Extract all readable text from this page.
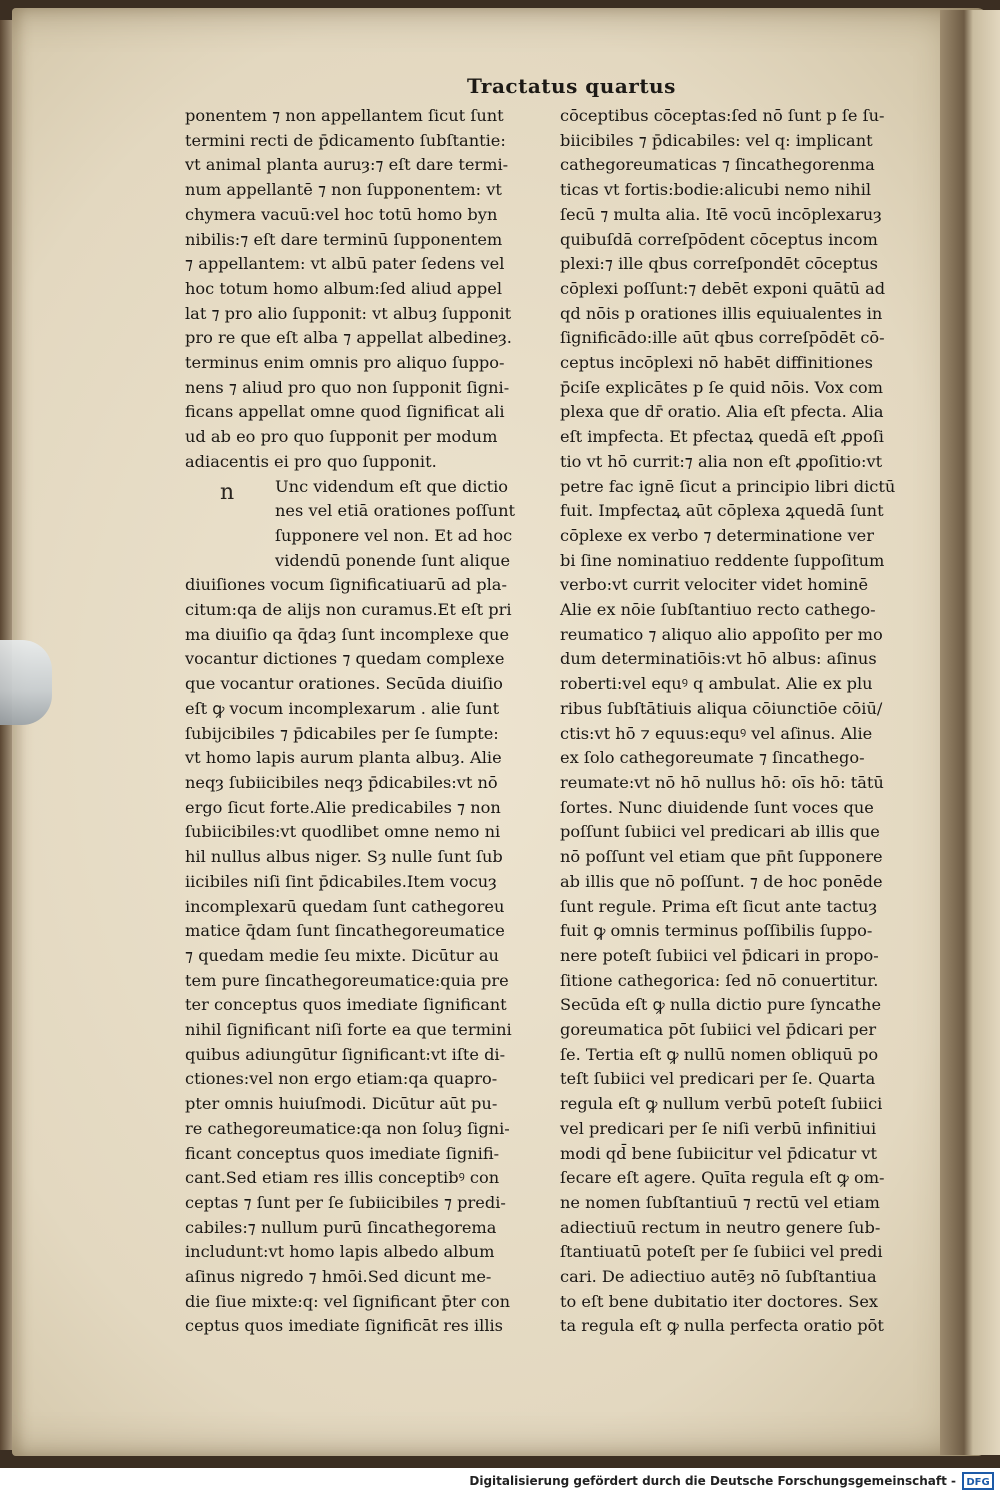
Tractatus quartus
n
ponentem ⁊ non appellantem ſicut ſunt
termini recti de p̄dicamento ſubſtantie:
vt animal planta auruȝ:⁊ eſt dare termi-
num appellantē ⁊ non ſupponentem: vt
chymera vacuū:vel hoc totū homo byn
nibilis:⁊ eſt dare terminū ſupponentem
⁊ appellantem: vt albū pater ſedens vel
hoc totum homo album:ſed aliud appel
lat ⁊ pro alio ſupponit: vt albuȝ ſupponit
pro re que eſt alba ⁊ appellat albedineȝ.
terminus enim omnis pro aliquo ſuppo-
nens ⁊ aliud pro quo non ſupponit ſigni-
ficans appellat omne quod ſignificat ali
ud ab eo pro quo ſupponit per modum
adiacentis ei pro quo ſupponit.
Unc videndum eſt que dictio
nes vel etiā orationes poſſunt
ſupponere vel non. Et ad hoc
videndū ponende ſunt alique
diuiſiones vocum ſignificatiuarū ad pla-
citum:qa de alijs non curamus.Et eſt pri
ma diuiſio qa q̄daȝ ſunt incomplexe que
vocantur dictiones ⁊ quedam complexe
que vocantur orationes. Secūda diuiſio
eſt ꝙ vocum incomplexarum . alie ſunt
ſubijcibiles ⁊ p̄dicabiles per ſe ſumpte:
vt homo lapis aurum planta albuȝ. Alie
neqȝ ſubiicibiles neqȝ p̄dicabiles:vt nō
ergo ſicut forte.Alie predicabiles ⁊ non
ſubiicibiles:vt quodlibet omne nemo ni
hil nullus albus niger. Sȝ nulle ſunt ſub
iicibiles niſi ſint p̄dicabiles.Item vocuȝ
incomplexarū quedam ſunt cathegoreu
matice q̄dam ſunt ſincathegoreumatice
⁊ quedam medie ſeu mixte. Dicūtur au
tem pure ſincathegoreumatice:quia pre
ter conceptus quos imediate ſignificant
nihil ſignificant niſi forte ea que termini
quibus adiungūtur ſignificant:vt iſte di-
ctiones:vel non ergo etiam:qa quapro-
pter omnis huiuſmodi. Dicūtur aūt pu-
re cathegoreumatice:qa non ſoluȝ ſigni-
ficant conceptus quos imediate ſignifi-
cant.Sed etiam res illis conceptibꝰ con
ceptas ⁊ ſunt per ſe ſubiicibiles ⁊ predi-
cabiles:⁊ nullum purū ſincathegorema
includunt:vt homo lapis albedo album
aſinus nigredo ⁊ hmōi.Sed dicunt me-
die ſiue mixte:q: vel ſignificant p̄ter con
ceptus quos imediate ſignificāt res illis
cōceptibus cōceptas:ſed nō ſunt p ſe ſu-
biicibiles ⁊ p̄dicabiles: vel q: implicant
cathegoreumaticas ⁊ ſincathegorenma
ticas vt fortis:bodie:alicubi nemo nihil
ſecū ⁊ multa alia. Itē vocū incōplexaruȝ
quibuſdā correſpōdent cōceptus incom
plexi:⁊ ille qbus correſpondēt cōceptus
cōplexi poſſunt:⁊ debēt exponi quātū ad
qd nōis p orationes illis equiualentes in
ſignificādo:ille aūt qbus correſpōdēt cō-
ceptus incōplexi nō habēt diffinitiones
p̄ciſe explicātes p ſe quid nōis. Vox com
plexa que dr̄ oratio. Alia eſt pfecta. Alia
eſt impfecta. Et pfectaꝝ quedā eſt ꝓpoſi
tio vt hō currit:⁊ alia non eſt ꝓpoſitio:vt
petre fac ignē ſicut a principio libri dictū
fuit. Impfectaꝝ aūt cōplexa ꝝquedā ſunt
cōplexe ex verbo ⁊ determinatione ver
bi ſine nominatiuo reddente ſuppoſitum
verbo:vt currit velociter videt hominē
Alie ex nōie ſubſtantiuo recto cathego-
reumatico ⁊ aliquo alio appoſito per mo
dum determinatiōis:vt hō albus: aſinus
roberti:vel equꝰ q ambulat. Alie ex plu
ribus ſubſtātiuis aliqua cōiunctiōe cōiū/
ctis:vt hō ⁊ equus:equꝰ vel aſinus. Alie
ex ſolo cathegoreumate ⁊ ſincathego-
reumate:vt nō hō nullus hō: oīs hō: tātū
ſortes. Nunc diuidende ſunt voces que
poſſunt ſubiici vel predicari ab illis que
nō poſſunt vel etiam que pn̄t ſupponere
ab illis que nō poſſunt. ⁊ de hoc ponēde
ſunt regule. Prima eſt ſicut ante tactuȝ
fuit ꝙ omnis terminus poſſibilis ſuppo-
nere poteſt ſubiici vel p̄dicari in propo-
ſitione cathegorica: ſed nō conuertitur.
Secūda eſt ꝙ nulla dictio pure ſyncathe
goreumatica pōt ſubiici vel p̄dicari per
ſe. Tertia eſt ꝙ nullū nomen obliquū po
teſt ſubiici vel predicari per ſe. Quarta
regula eſt ꝙ nullum verbū poteſt ſubiici
vel predicari per ſe niſi verbū infinitiui
modi qd̄ bene ſubiicitur vel p̄dicatur vt
ſecare eſt agere. Quīta regula eſt ꝙ om-
ne nomen ſubſtantiuū ⁊ rectū vel etiam
adiectiuū rectum in neutro genere ſub-
ſtantiuatū poteſt per ſe ſubiici vel predi
cari. De adiectiuo autēȝ nō ſubſtantiua
to eſt bene dubitatio iter doctores. Sex
ta regula eſt ꝙ nulla perfecta oratio pōt
Digitalisierung gefördert durch die Deutsche Forschungsgemeinschaft -	DFG
